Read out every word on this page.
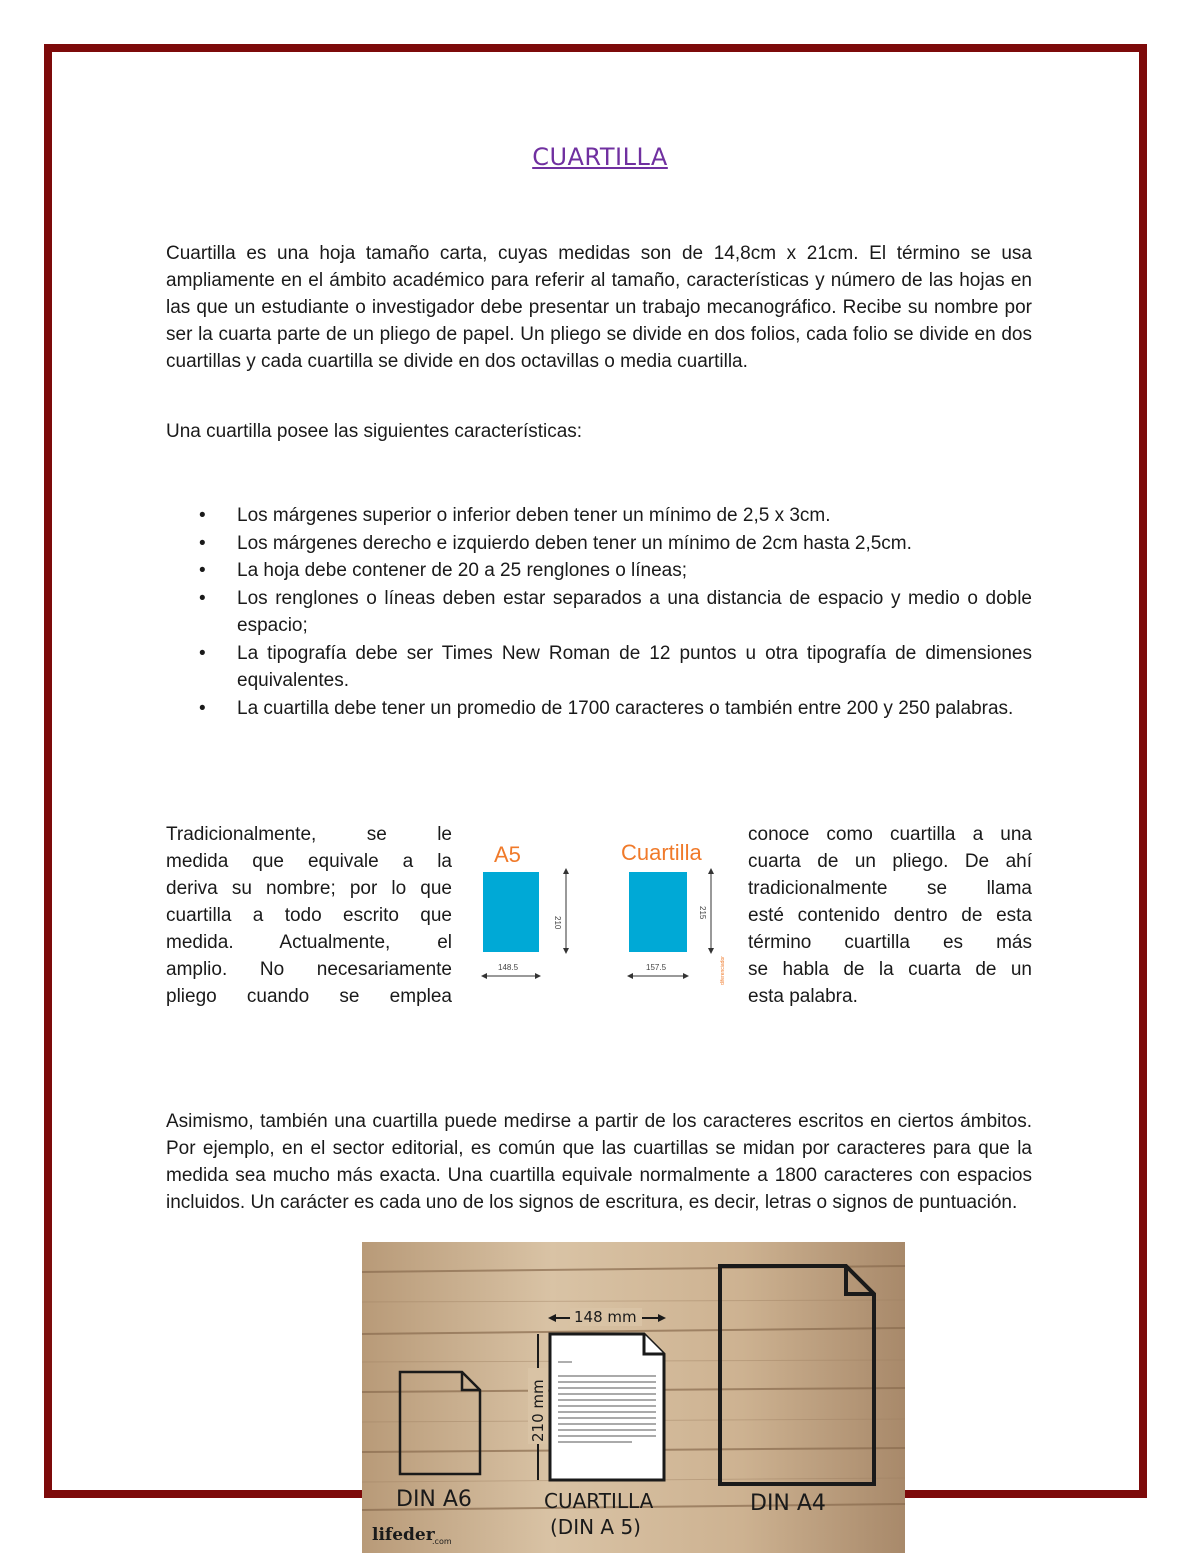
CUARTILLA
Cuartilla es una hoja tamaño carta, cuyas medidas son de 14,8cm x 21cm. El término se usa ampliamente en el ámbito académico para referir al tamaño, características y número de las hojas en las que un estudiante o investigador debe presentar un trabajo mecanográfico. Recibe su nombre por ser la cuarta parte de un pliego de papel. Un pliego se divide en dos folios, cada folio se divide en dos cuartillas y cada cuartilla se divide en dos octavillas o media cuartilla.
Una cuartilla posee las siguientes características:
• Los márgenes superior o inferior deben tener un mínimo de 2,5 x 3cm.
• Los márgenes derecho e izquierdo deben tener un mínimo de 2cm hasta 2,5cm.
• La hoja debe contener de 20 a 25 renglones o líneas;
• Los renglones o líneas deben estar separados a una distancia de espacio y medio o doble espacio;
• La tipografía debe ser Times New Roman de 12 puntos u otra tipografía de dimensiones equivalentes.
• La cuartilla debe tener un promedio de 1700 caracteres o también entre 200 y 250 palabras.
Tradicionalmente, se le
medida que equivale a la
deriva su nombre; por lo que
cuartilla a todo escrito que
medida. Actualmente, el
amplio. No necesariamente
pliego cuando se emplea
A5
210
148.5
Cuartilla
215
157.5	diferenciador
conoce como cuartilla a una
cuarta de un pliego. De ahí
tradicionalmente se llama
esté contenido dentro de esta
término cuartilla es más
se habla de la cuarta de un
esta palabra.
Asimismo, también una cuartilla puede medirse a partir de los caracteres escritos en ciertos ámbitos. Por ejemplo, en el sector editorial, es común que las cuartillas se midan por caracteres para que la medida sea mucho más exacta. Una cuartilla equivale normalmente a 1800 caracteres con espacios incluidos. Un carácter es cada uno de los signos de escritura, es decir, letras o signos de puntuación.
148 mm
210 mm
DIN A6	CUARTILLA
(DIN A 5)
DIN A4
lifeder
.com
